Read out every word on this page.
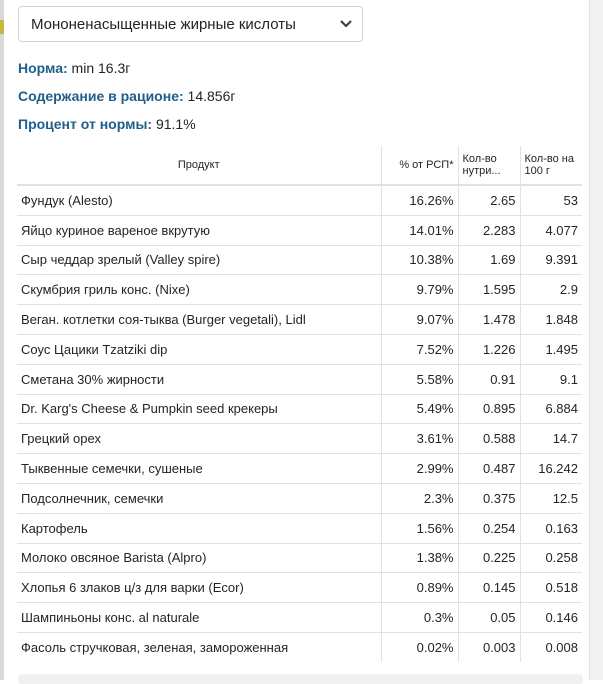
Мононенасыщенные жирные кислоты
Норма: min 16.3г
Содержание в рационе: 14.856г
Процент от нормы: 91.1%
Продукт	% от РСП*	Кол-во нутри...	Кол-во на 100 г
Фундук (Alesto)	16.26%	2.65	53
Яйцо куриное вареное вкрутую	14.01%	2.283	4.077
Сыр чеддар зрелый (Valley spire)	10.38%	1.69	9.391
Скумбрия гриль конс. (Nixe)	9.79%	1.595	2.9
Веган. котлетки соя-тыква (Burger vegetali), Lidl	9.07%	1.478	1.848
Соус Цацики Tzatziki dip	7.52%	1.226	1.495
Сметана 30% жирности	5.58%	0.91	9.1
Dr. Karg's Cheese & Pumpkin seed крекеры	5.49%	0.895	6.884
Грецкий орех	3.61%	0.588	14.7
Тыквенные семечки, сушеные	2.99%	0.487	16.242
Подсолнечник, семечки	2.3%	0.375	12.5
Картофель	1.56%	0.254	0.163
Молоко овсяное Barista (Alpro)	1.38%	0.225	0.258
Хлопья 6 злаков ц/з для варки (Ecor)	0.89%	0.145	0.518
Шампиньоны конс. al naturale	0.3%	0.05	0.146
Фасоль стручковая, зеленая, замороженная	0.02%	0.003	0.008
